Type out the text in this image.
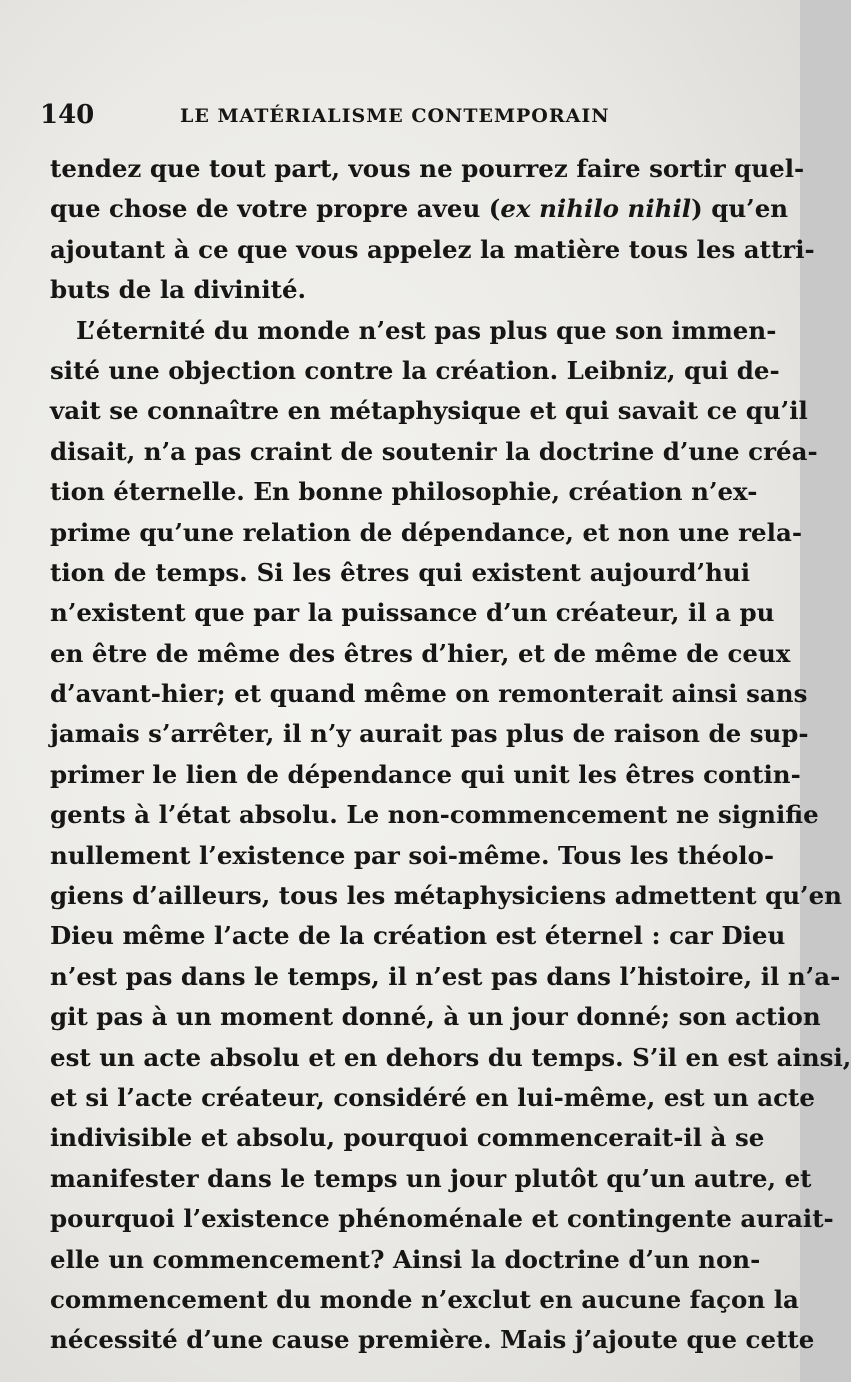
140	LE MATÉRIALISME CONTEMPORAIN
tendez que tout part, vous ne pourrez faire sortir quel-
que chose de votre propre aveu (ex nihilo nihil) qu’en
ajoutant à ce que vous appelez la matière tous les attri-
buts de la divinité.
L’éternité du monde n’est pas plus que son immen-
sité une objection contre la création. Leibniz, qui de-
vait se connaître en métaphysique et qui savait ce qu’il
disait, n’a pas craint de soutenir la doctrine d’une créa-
tion éternelle. En bonne philosophie, création n’ex-
prime qu’une relation de dépendance, et non une rela-
tion de temps. Si les êtres qui existent aujourd’hui
n’existent que par la puissance d’un créateur, il a pu
en être de même des êtres d’hier, et de même de ceux
d’avant-hier; et quand même on remonterait ainsi sans
jamais s’arrêter, il n’y aurait pas plus de raison de sup-
primer le lien de dépendance qui unit les êtres contin-
gents à l’état absolu. Le non-commencement ne signifie
nullement l’existence par soi-même. Tous les théolo-
giens d’ailleurs, tous les métaphysiciens admettent qu’en
Dieu même l’acte de la création est éternel : car Dieu
n’est pas dans le temps, il n’est pas dans l’histoire, il n’a-
git pas à un moment donné, à un jour donné; son action
est un acte absolu et en dehors du temps. S’il en est ainsi,
et si l’acte créateur, considéré en lui-même, est un acte
indivisible et absolu, pourquoi commencerait-il à se
manifester dans le temps un jour plutôt qu’un autre, et
pourquoi l’existence phénoménale et contingente aurait-
elle un commencement? Ainsi la doctrine d’un non-
commencement du monde n’exclut en aucune façon la
nécessité d’une cause première. Mais j’ajoute que cette
